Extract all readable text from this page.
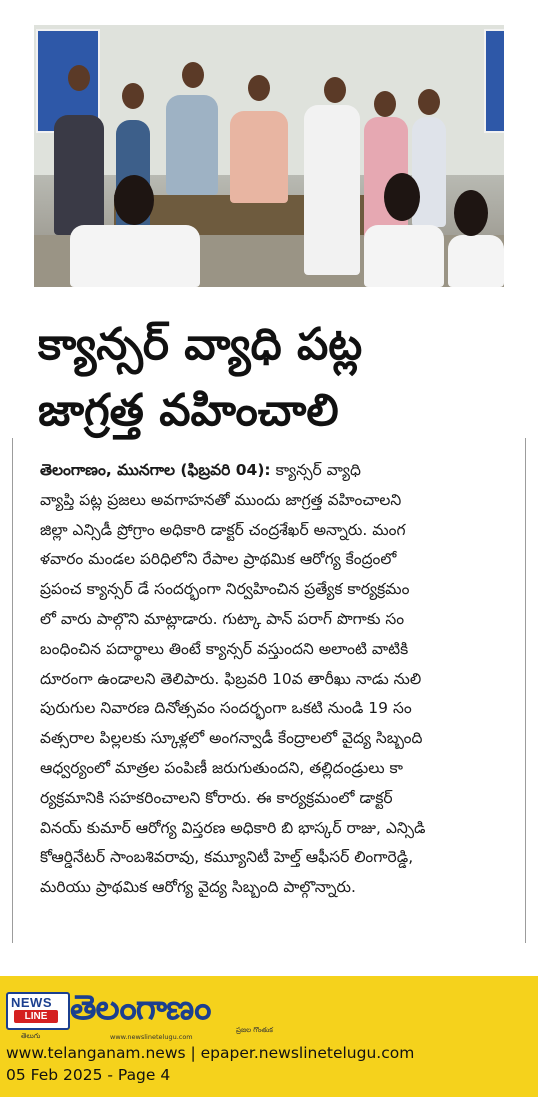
క్యాన్సర్ వ్యాధి పట్ల
జాగ్రత్త వహించాలి
తెలంగాణం, మునగాల (ఫిబ్రవరి 04): క్యాన్సర్ వ్యాధి
వ్యాప్తి పట్ల ప్రజలు అవగాహనతో ముందు జాగ్రత్త వహించాలని
జిల్లా ఎన్సిడీ ప్రోగ్రాం అధికారి డాక్టర్ చంద్రశేఖర్ అన్నారు. మంగ
ళవారం మండల పరిధిలోని రేపాల ప్రాథమిక ఆరోగ్య కేంద్రంలో
ప్రపంచ క్యాన్సర్ డే సందర్భంగా నిర్వహించిన ప్రత్యేక కార్యక్రమం
లో వారు పాల్గొని మాట్లాడారు. గుట్కా పాన్ పరాగ్ పొగాకు సం
బంధించిన పదార్థాలు తింటే క్యాన్సర్ వస్తుందని అలాంటి వాటికి
దూరంగా ఉండాలని తెలిపారు. ఫిబ్రవరి 10వ తారీఖు నాడు నులి
పురుగుల నివారణ దినోత్సవం సందర్భంగా ఒకటి నుండి 19 సం
వత్సరాల పిల్లలకు స్కూళ్లలో అంగన్వాడీ కేంద్రాలలో వైద్య సిబ్బంది
ఆధ్వర్యంలో మాత్రల పంపిణీ జరుగుతుందని, తల్లిదండ్రులు కా
ర్యక్రమానికి సహకరించాలని కోరారు. ఈ కార్యక్రమంలో డాక్టర్
వినయ్ కుమార్ ఆరోగ్య విస్తరణ అధికారి బి భాస్కర్ రాజు, ఎన్సిడి
కోఆర్డినేటర్ సాంబశివరావు, కమ్యూనిటీ హెల్త్ ఆఫీసర్ లింగారెడ్డి,
మరియు ప్రాథమిక ఆరోగ్య వైద్య సిబ్బంది పాల్గొన్నారు.
NEWS
LINE
తెలుగు
తెలంగాణం
ప్రజల గొంతుక
www.newslinetelugu.com
www.telanganam.news | epaper.newslinetelugu.com
05 Feb 2025 - Page 4
